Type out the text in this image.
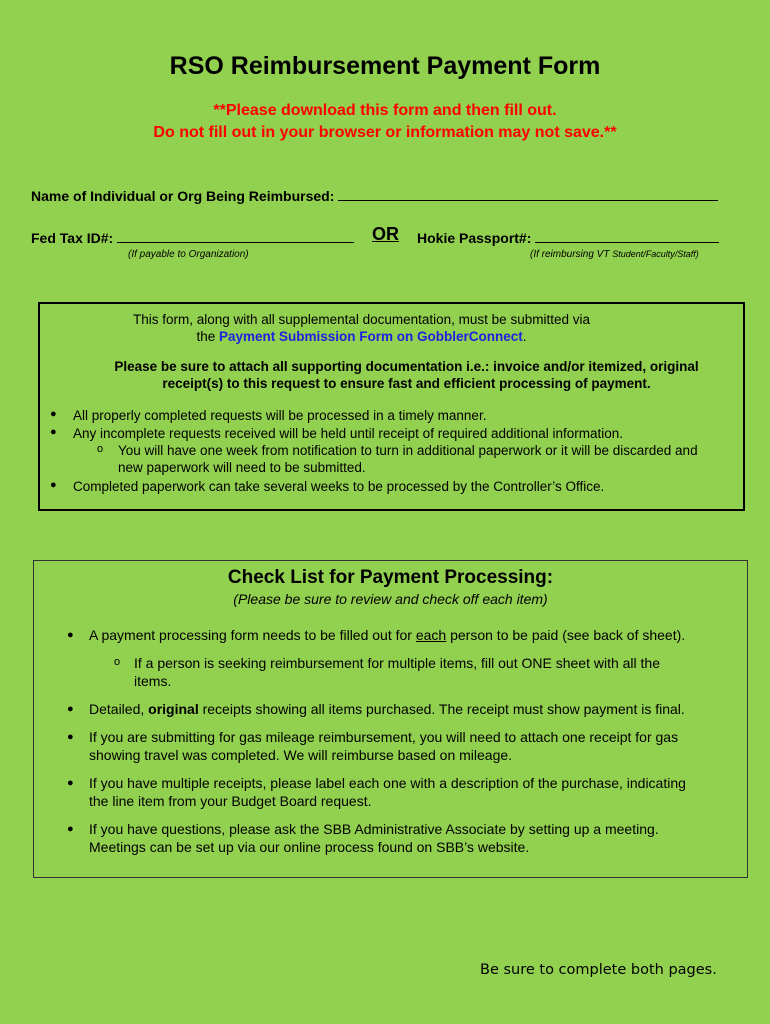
RSO Reimbursement Payment Form
**Please download this form and then fill out.
Do not fill out in your browser or information may not save.**
Name of Individual or Org Being Reimbursed:
Fed Tax ID#:	OR Hokie Passport#:
(If payable to Organization)	(If reimbursing VT Student/Faculty/Staff)
This form, along with all supplemental documentation, must be submitted via
the Payment Submission Form on GobblerConnect.
Please be sure to attach all supporting documentation i.e.: invoice and/or itemized, original
receipt(s) to this request to ensure fast and efficient processing of payment.
● All properly completed requests will be processed in a timely manner.
● Any incomplete requests received will be held until receipt of required additional information.
o You will have one week from notification to turn in additional paperwork or it will be discarded and
new paperwork will need to be submitted.
● Completed paperwork can take several weeks to be processed by the Controller’s Office.
Check List for Payment Processing:
(Please be sure to review and check off each item)
● A payment processing form needs to be filled out for each person to be paid (see back of sheet).
o If a person is seeking reimbursement for multiple items, fill out ONE sheet with all the
items.
● Detailed, original receipts showing all items purchased. The receipt must show payment is final.
● If you are submitting for gas mileage reimbursement, you will need to attach one receipt for gas
showing travel was completed. We will reimburse based on mileage.
● If you have multiple receipts, please label each one with a description of the purchase, indicating
the line item from your Budget Board request.
● If you have questions, please ask the SBB Administrative Associate by setting up a meeting.
Meetings can be set up via our online process found on SBB’s website.
Be sure to complete both pages.
